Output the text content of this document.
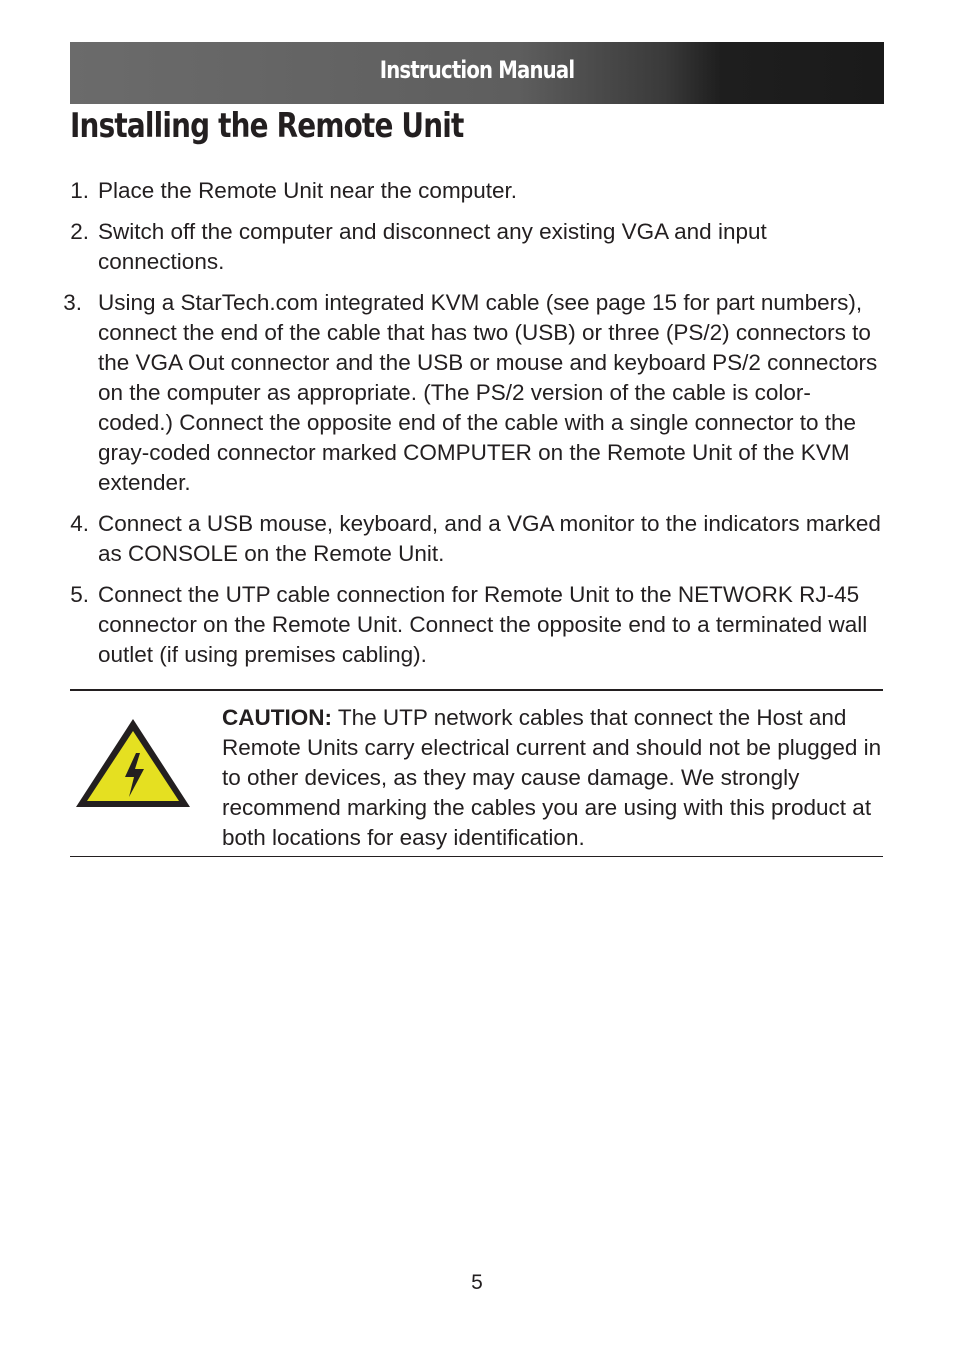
Instruction Manual
Installing the Remote Unit
1. Place the Remote Unit near the computer.
2. Switch off the computer and disconnect any existing VGA and input connections.
3. Using a StarTech.com integrated KVM cable (see page 15 for part numbers), connect the end of the cable that has two (USB) or three (PS/2) connectors to the VGA Out connector and the USB or mouse and keyboard PS/2 connectors on the computer as appropriate. (The PS/2 version of the cable is color-coded.) Connect the opposite end of the cable with a single connector to the gray-coded connector marked COMPUTER on the Remote Unit of the KVM extender.
4. Connect a USB mouse, keyboard, and a VGA monitor to the indicators marked as CONSOLE on the Remote Unit.
5. Connect the UTP cable connection for Remote Unit to the NETWORK RJ-45 connector on the Remote Unit. Connect the opposite end to a terminated wall outlet (if using premises cabling).
CAUTION: The UTP network cables that connect the Host and Remote Units carry electrical current and should not be plugged in to other devices, as they may cause damage. We strongly recommend marking the cables you are using with this product at both locations for easy identification.
5
